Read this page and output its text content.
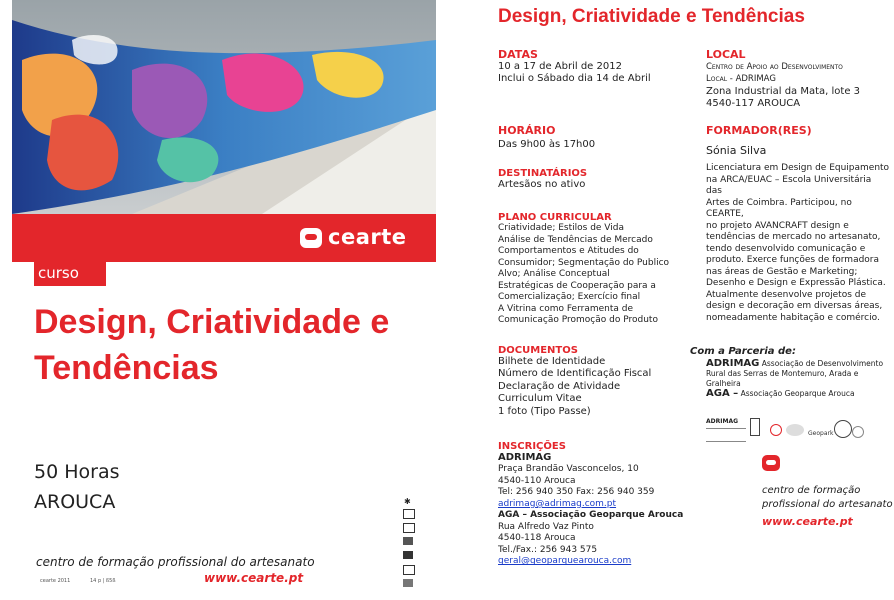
cearte
curso
Design, Criatividade e
Tendências
50 Horas
AROUCA
centro de formação profissional do artesanato
www.cearte.pt
cearte 2011	14 p | ß5ß
✱
Design, Criatividade e Tendências
DATAS
10 a 17 de Abril de 2012
Inclui o Sábado dia 14 de Abril
HORÁRIO
Das 9h00 às 17h00
DESTINATÁRIOS
Artesãos no ativo
PLANO CURRICULAR
Criatividade; Estilos de Vida
Análise de Tendências de Mercado
Comportamentos e Atitudes do
Consumidor; Segmentação do Publico
Alvo; Análise Conceptual
Estratégicas de Cooperação para a
Comercialização; Exercício final
A Vitrina como Ferramenta de
Comunicação Promoção do Produto
DOCUMENTOS
Bilhete de Identidade
Número de Identificação Fiscal
Declaração de Atividade
Curriculum Vitae
1 foto (Tipo Passe)
INSCRIÇÕES
ADRIMAG
Praça Brandão Vasconcelos, 10
4540-110 Arouca
Tel: 256 940 350 Fax: 256 940 359
adrimag@adrimag.com.pt
AGA – Associação Geoparque Arouca
Rua Alfredo Vaz Pinto
4540-118 Arouca
Tel./Fax.: 256 943 575
geral@geoparquearouca.com
LOCAL
Centro de Apoio ao Desenvolvimento
Local - ADRIMAG
Zona Industrial da Mata, lote 3
4540-117 AROUCA
FORMADOR(RES)
Sónia Silva
Licenciatura em Design de Equipamento
na ARCA/EUAC – Escola Universitária das
Artes de Coimbra. Participou, no CEARTE,
no projeto AVANCRAFT design e
tendências de mercado no artesanato,
tendo desenvolvido comunicação e
produto. Exerce funções de formadora
nas áreas de Gestão e Marketing;
Desenho e Design e Expressão Plástica.
Atualmente desenvolve projetos de
design e decoração em diversas áreas,
nomeadamente habitação e comércio.
Com a Parceria de:
ADRIMAG Associação de Desenvolvimento
Rural das Serras de Montemuro, Arada e
Gralheira
AGA – Associação Geoparque Arouca
ADRIMAG
Geopark
centro de formação
profissional do artesanato
www.cearte.pt
